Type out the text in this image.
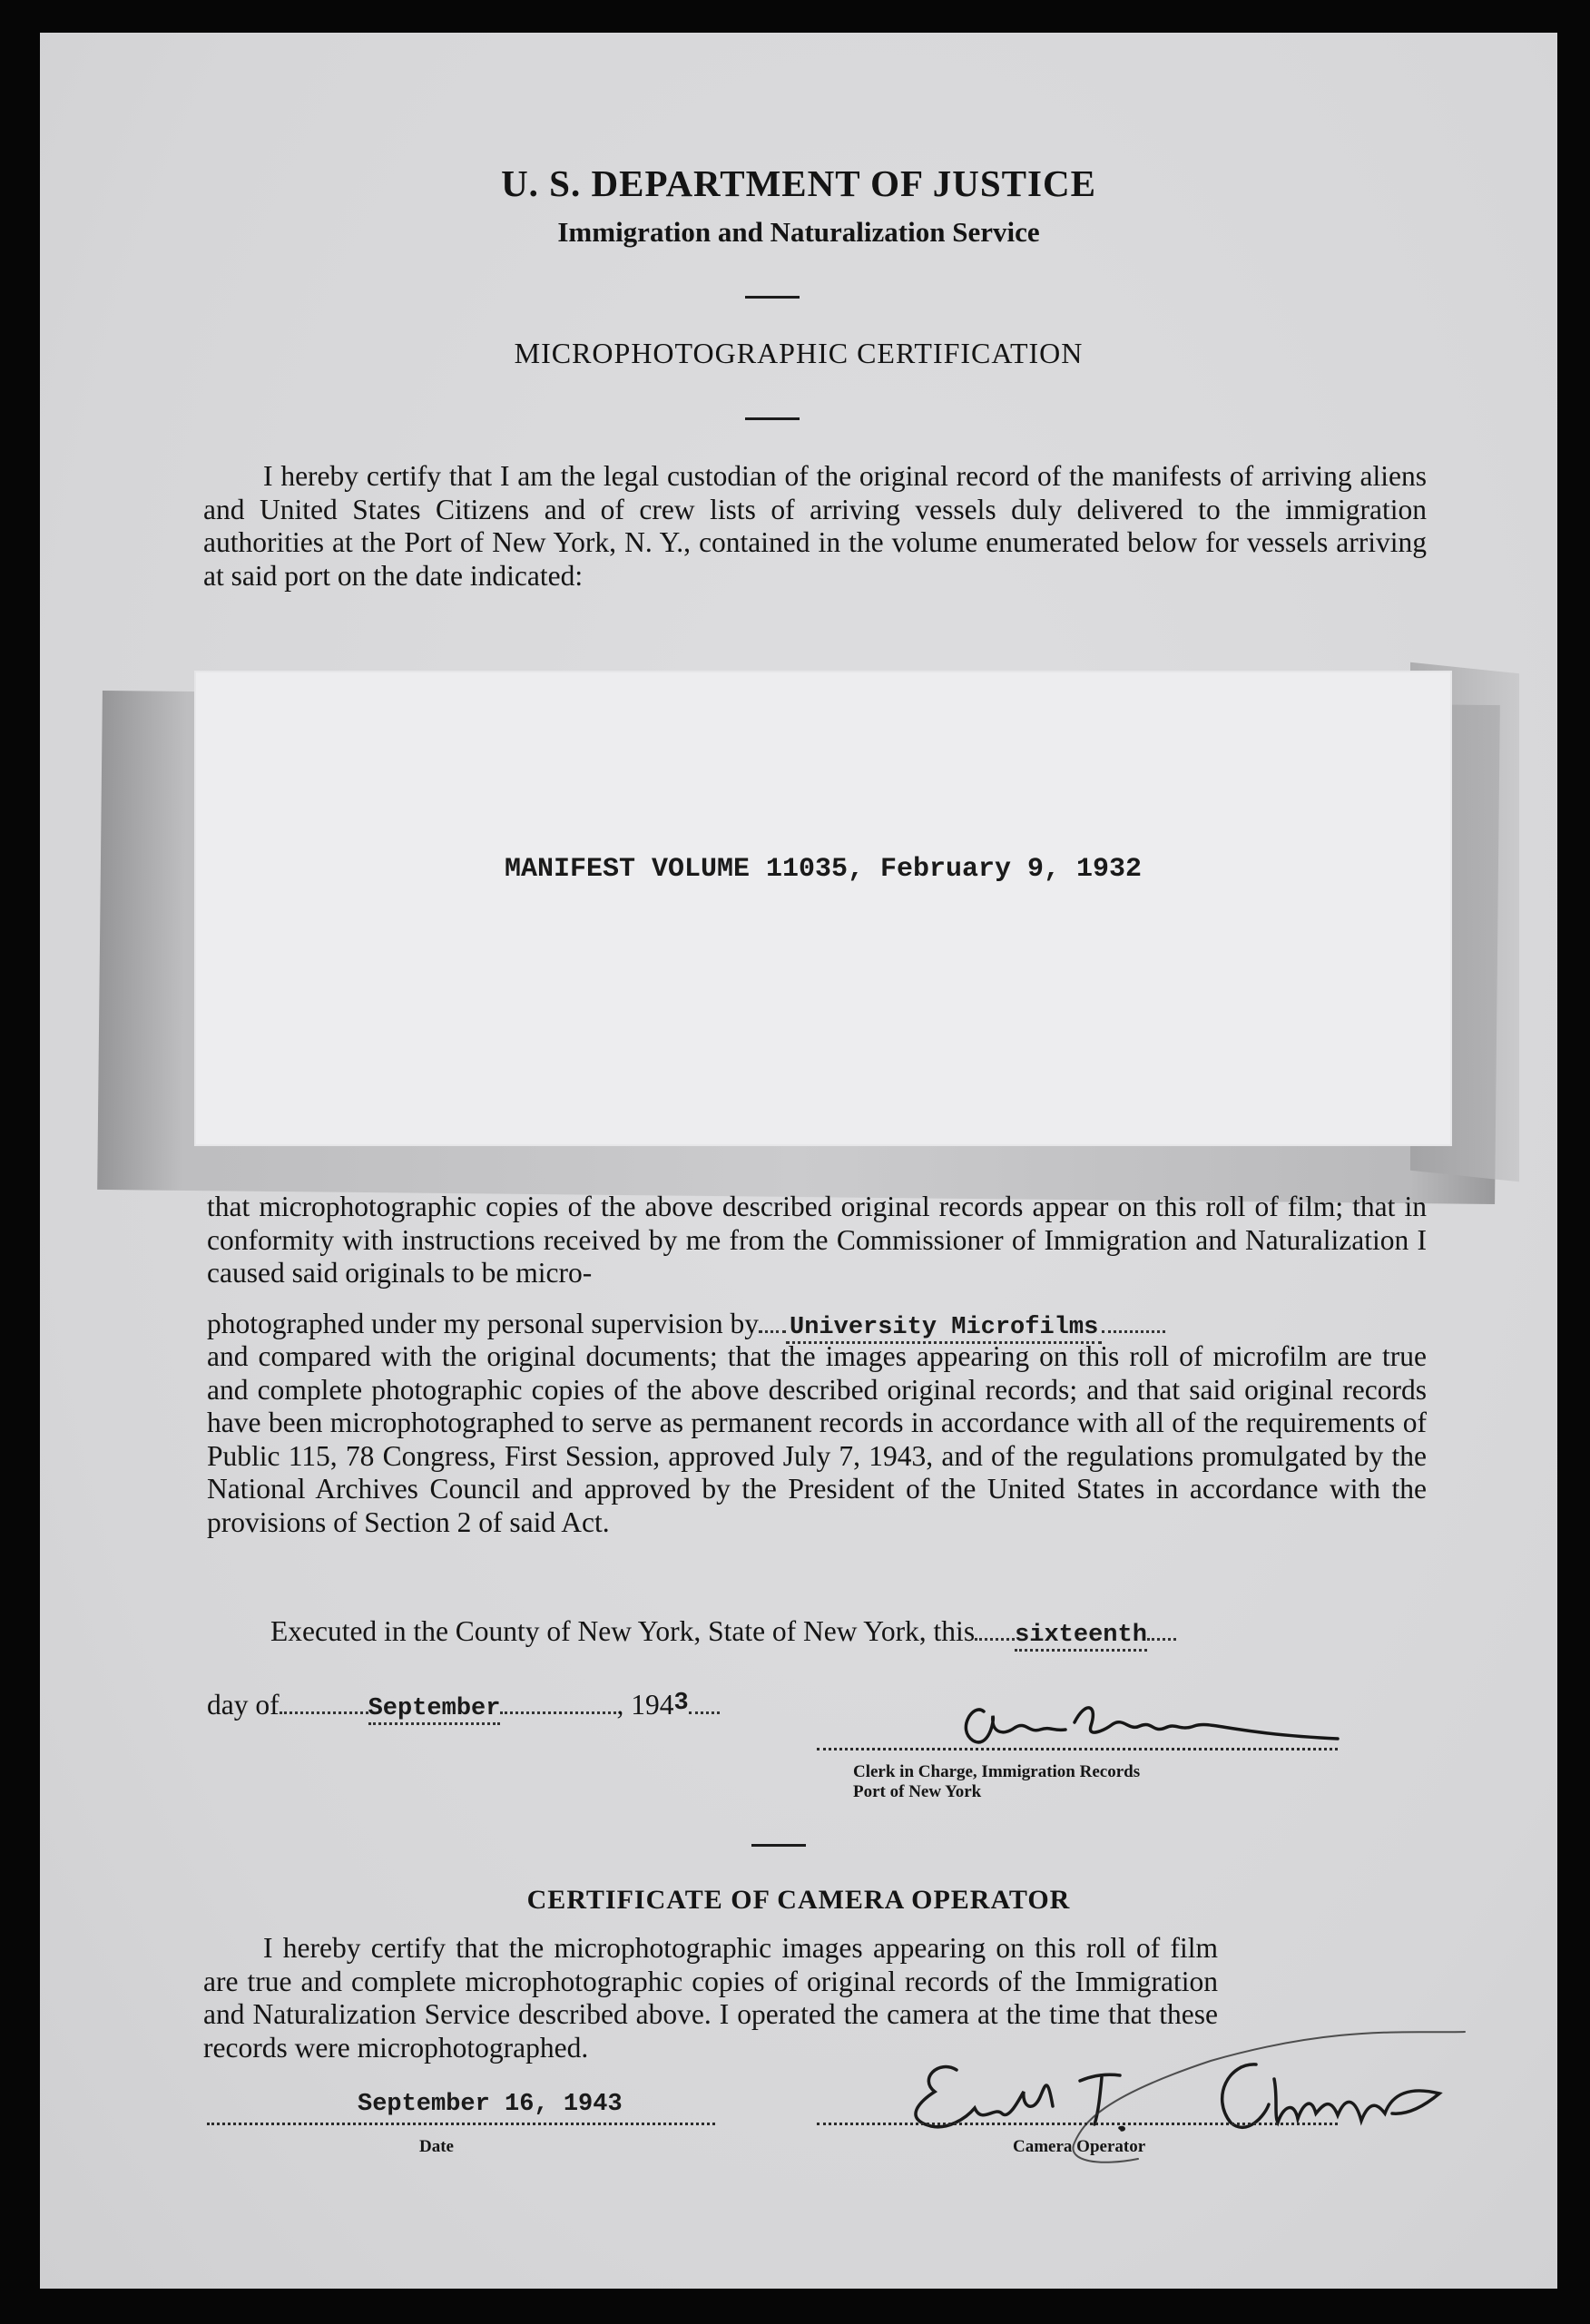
U. S. DEPARTMENT OF JUSTICE
Immigration and Naturalization Service
MICROPHOTOGRAPHIC CERTIFICATION
I hereby certify that I am the legal custodian of the original record of the manifests of arriving aliens and United States Citizens and of crew lists of arriving vessels duly delivered to the immigration authorities at the Port of New York, N. Y., contained in the volume enumerated below for vessels arriving at said port on the date indicated:
MANIFEST VOLUME 11035, February 9, 1932
that microphotographic copies of the above described original records appear on this roll of film; that in conformity with instructions received by me from the Commissioner of Immigration and Naturalization I caused said originals to be micro-
photographed under my personal supervision by University Microfilms
and compared with the original documents; that the images appearing on this roll of microfilm are true and complete photographic copies of the above described original records; and that said original records have been microphotographed to serve as permanent records in accordance with all of the requirements of Public 115, 78 Congress, First Session, approved July 7, 1943, and of the regulations promulgated by the National Archives Council and approved by the President of the United States in accordance with the provisions of Section 2 of said Act.
Executed in the County of New York, State of New York, this sixteenth
day of	September	, 1943
Clerk in Charge, Immigration Records
Port of New York
CERTIFICATE OF CAMERA OPERATOR
I hereby certify that the microphotographic images appearing on this roll of film are true and complete microphotographic copies of original records of the Immigration and Naturalization Service described above. I operated the camera at the time that these records were microphotographed.
September 16, 1943
Date	Camera Operator
